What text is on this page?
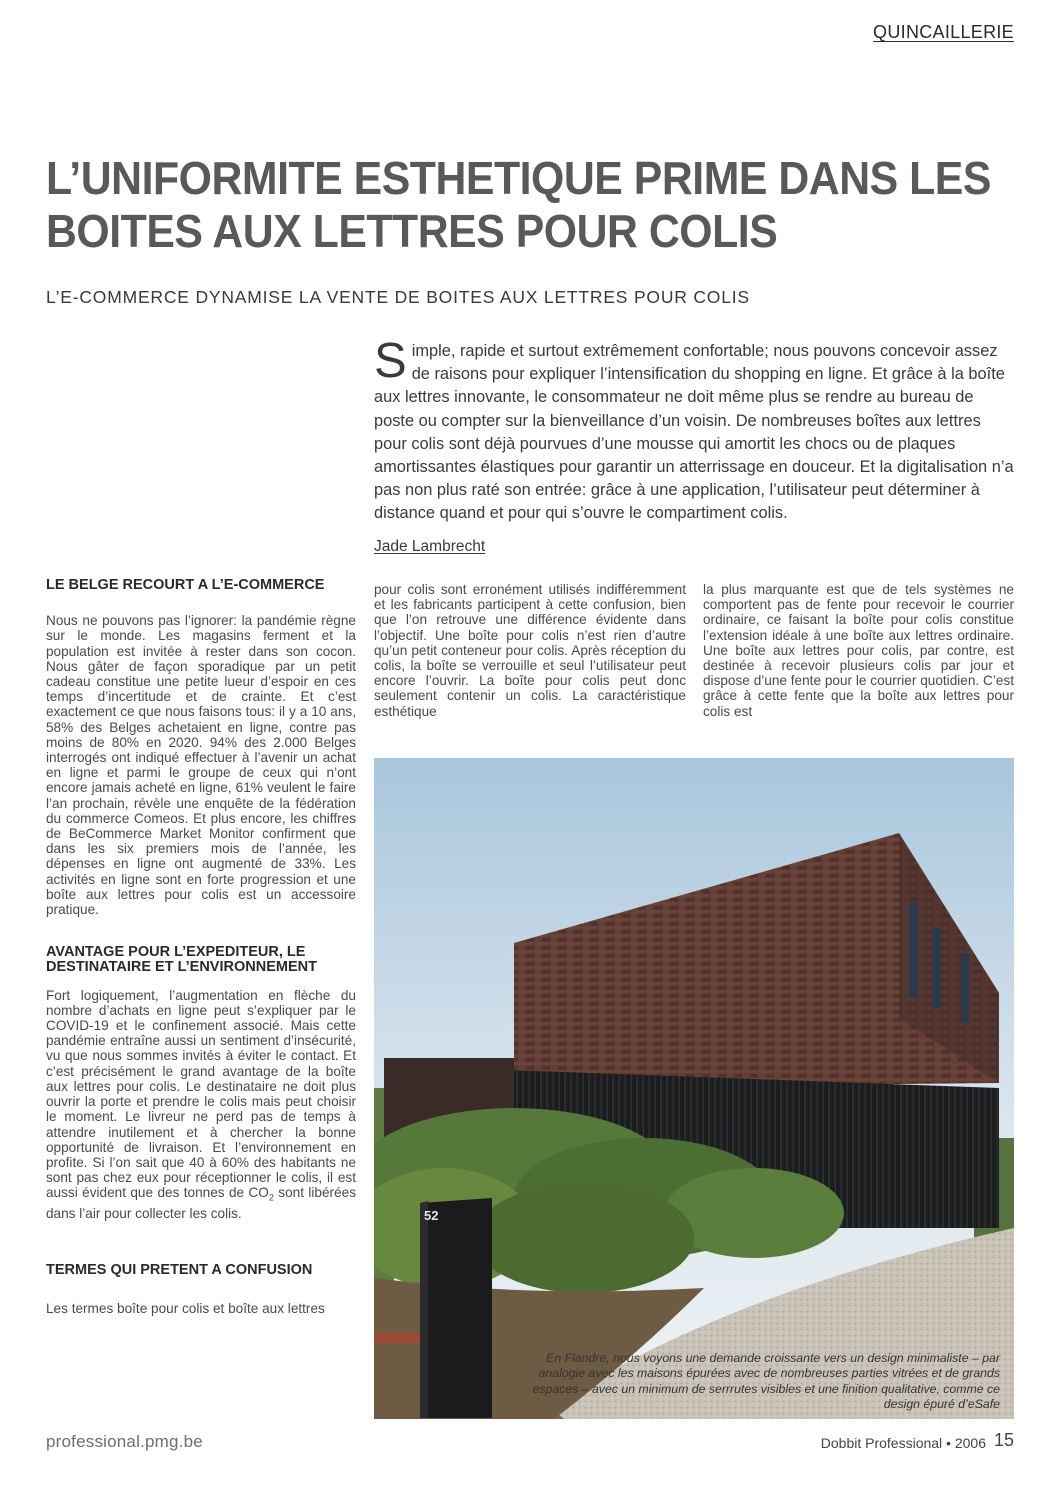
QUINCAILLERIE
L’UNIFORMITE ESTHETIQUE PRIME DANS LES
BOITES AUX LETTRES POUR COLIS
L’E-COMMERCE DYNAMISE LA VENTE DE BOITES AUX LETTRES POUR COLIS
Simple, rapide et surtout extrêmement confortable; nous pouvons concevoir assez de raisons pour expliquer l’intensification du shopping en ligne. Et grâce à la boîte aux lettres innovante, le consommateur ne doit même plus se rendre au bureau de poste ou compter sur la bienveillance d’un voisin. De nombreuses boîtes aux lettres pour colis sont déjà pourvues d’une mousse qui amortit les chocs ou de plaques amortissantes élastiques pour garantir un atterrissage en douceur. Et la digitalisation n’a pas non plus raté son entrée: grâce à une application, l’utilisateur peut déterminer à distance quand et pour qui s’ouvre le compartiment colis.
Jade Lambrecht
LE BELGE RECOURT A L’E-COMMERCE

Nous ne pouvons pas l’ignorer: la pandémie règne sur le monde. Les magasins ferment et la population est invitée à rester dans son cocon. Nous gâter de façon sporadique par un petit cadeau constitue une petite lueur d’espoir en ces temps d’incertitude et de crainte. Et c’est exactement ce que nous faisons tous: il y a 10 ans, 58% des Belges achetaient en ligne, contre pas moins de 80% en 2020. 94% des 2.000 Belges interrogés ont indiqué effectuer à l’avenir un achat en ligne et parmi le groupe de ceux qui n’ont encore jamais acheté en ligne, 61% veulent le faire l’an prochain, révèle une enquête de la fédération du commerce Comeos. Et plus encore, les chiffres de BeCommerce Market Monitor confirment que dans les six premiers mois de l’année, les dépenses en ligne ont augmenté de 33%. Les activités en ligne sont en forte progression et une boîte aux lettres pour colis est un accessoire pratique.

AVANTAGE POUR L’EXPEDITEUR, LE DESTINATAIRE ET L’ENVIRONNEMENT

Fort logiquement, l’augmentation en flèche du nombre d’achats en ligne peut s’expliquer par le COVID-19 et le confinement associé. Mais cette pandémie entraîne aussi un sentiment d’insécurité, vu que nous sommes invités à éviter le contact. Et c’est précisément le grand avantage de la boîte aux lettres pour colis. Le destinataire ne doit plus ouvrir la porte et prendre le colis mais peut choisir le moment. Le livreur ne perd pas de temps à attendre inutilement et à chercher la bonne opportunité de livraison. Et l’environnement en profite. Si l’on sait que 40 à 60% des habitants ne sont pas chez eux pour réceptionner le colis, il est aussi évident que des tonnes de $CO_2$ sont libérées dans l’air pour collecter les colis.

TERMES QUI PRETENT A CONFUSION

Les termes boîte pour colis et boîte aux lettres

pour colis sont erronément utilisés indifféremment et les fabricants participent à cette confusion, bien que l’on retrouve une différence évidente dans l’objectif. Une boîte pour colis n’est rien d’autre qu’un petit conteneur pour colis. Après réception du colis, la boîte se verrouille et seul l’utilisateur peut encore l’ouvrir. La boîte pour colis peut donc seulement contenir un colis. La caractéristique esthétique

la plus marquante est que de tels systèmes ne comportent pas de fente pour recevoir le courrier ordinaire, ce faisant la boîte pour colis constitue l’extension idéale à une boîte aux lettres ordinaire. Une boîte aux lettres pour colis, par contre, est destinée à recevoir plusieurs colis par jour et dispose d’une fente pour le courrier quotidien. C’est grâce à cette fente que la boîte aux lettres pour colis est

52
En Flandre, nous voyons une demande croissante vers un design minimaliste – par analogie avec les maisons épurées avec de nombreuses parties vitrées et de grands espaces – avec un minimum de serrrutes visibles et une finition qualitative, comme ce design épuré d’eSafe
professional.pmg.be	Dobbit Professional • 2006 15
